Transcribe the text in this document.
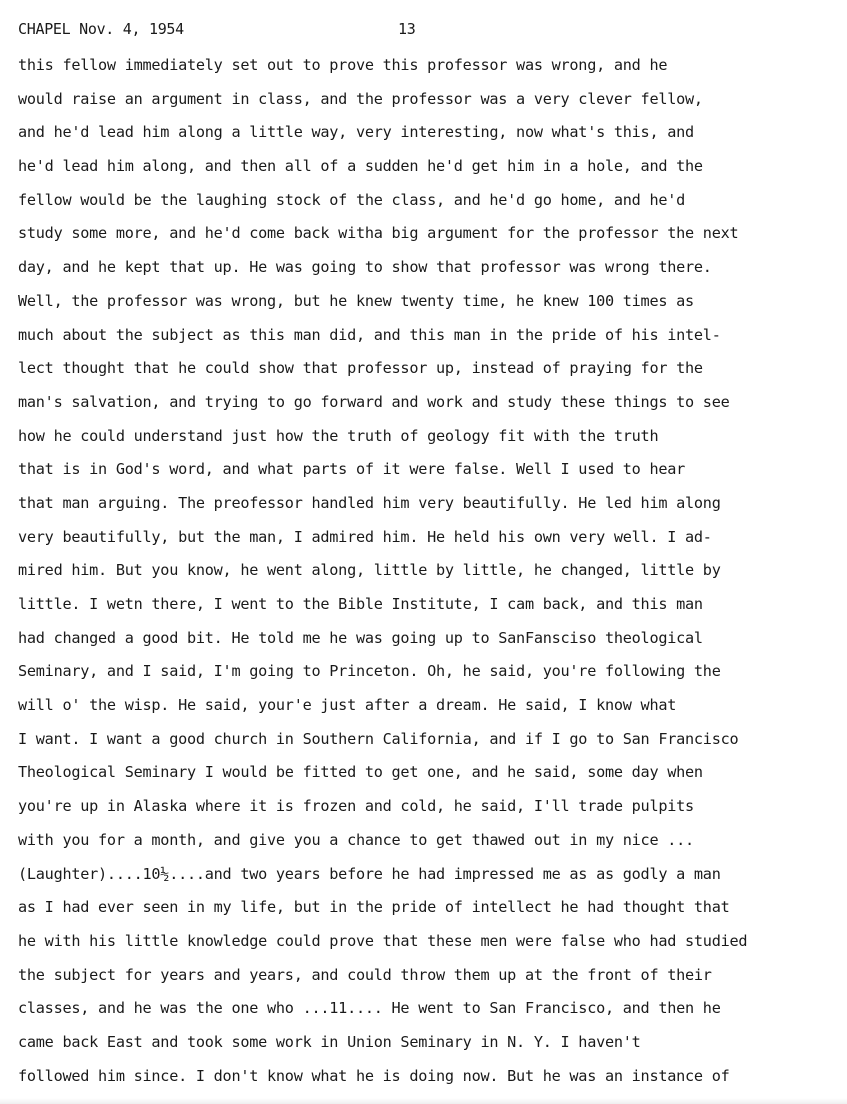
CHAPEL Nov. 4, 1954	13
this fellow immediately set out to prove this professor was wrong, and he
would raise an argument in class, and the professor was a very clever fellow,
and he'd lead him along a little way, very interesting, now what's this, and
he'd lead him along, and then all of a sudden he'd get him in a hole, and the
fellow would be the laughing stock of the class, and he'd go home, and he'd
study some more, and he'd come back witha big argument for the professor the next
day, and he kept that up. He was going to show that professor was wrong there.
Well, the professor was wrong, but he knew twenty time, he knew 100 times as
much about the subject as this man did, and this man in the pride of his intel-
lect thought that he could show that professor up, instead of praying for the
man's salvation, and trying to go forward and work and study these things to see
how he could understand just how the truth of geology fit with the truth
that is in God's word, and what parts of it were false. Well I used to hear
that man arguing. The preofessor handled him very beautifully. He led him along
very beautifully, but the man, I admired him. He held his own very well. I ad-
mired him. But you know, he went along, little by little, he changed, little by
little. I wetn there, I went to the Bible Institute, I cam back, and this man
had changed a good bit. He told me he was going up to SanFansciso theological
Seminary, and I said, I'm going to Princeton. Oh, he said, you're following the
will o' the wisp. He said, your'e just after a dream. He said, I know what
I want. I want a good church in Southern California, and if I go to San Francisco
Theological Seminary I would be fitted to get one, and he said, some day when
you're up in Alaska where it is frozen and cold, he said, I'll trade pulpits
with you for a month, and give you a chance to get thawed out in my nice ...
(Laughter)....10½....and two years before he had impressed me as as godly a man
as I had ever seen in my life, but in the pride of intellect he had thought that
he with his little knowledge could prove that these men were false who had studied
the subject for years and years, and could throw them up at the front of their
classes, and he was the one who ...11.... He went to San Francisco, and then he
came back East and took some work in Union Seminary in N. Y. I haven't
followed him since. I don't know what he is doing now. But he was an instance of
